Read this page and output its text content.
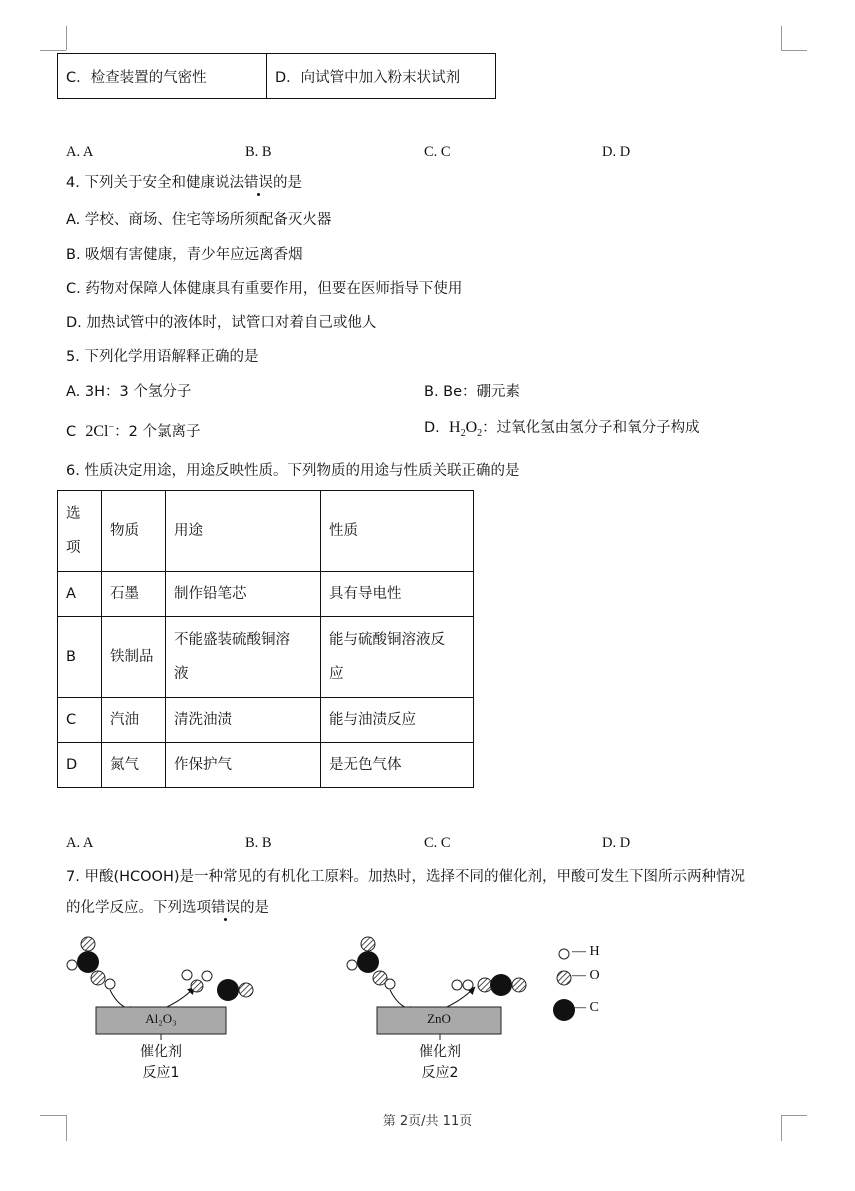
C．检查装置的气密性	D．向试管中加入粉末状试剂
A. A	B. B	C. C	D. D
4. 下列关于安全和健康说法错误的是
A. 学校、商场、住宅等场所须配备灭火器
B. 吸烟有害健康，青少年应远离香烟
C. 药物对保障人体健康具有重要作用，但要在医师指导下使用
D. 加热试管中的液体时，试管口对着自己或他人
5. 下列化学用语解释正确的是
A. 3H：3 个氢分子	B. Be：硼元素
C 2Cl−：2 个氯离子	D. $H_2O_2$：过氧化氢由氢分子和氧分子构成
6. 性质决定用途，用途反映性质。下列物质的用途与性质关联正确的是
选项	物质	用途	性质
A	石墨	制作铅笔芯	具有导电性
B	铁制品	不能盛装硫酸铜溶液	能与硫酸铜溶液反应

C	汽油	清洗油渍	能与油渍反应
D	氮气	作保护气	是无色气体
A. A	B. B	C. C	D. D
7. 甲酸(HCOOH)是一种常见的有机化工原料。加热时，选择不同的催化剂，甲酸可发生下图所示两种情况
的化学反应。下列选项错误的是
Al₂O₃	ZnO
催化剂
反应1
催化剂
反应2
— H
— O
— C
第 2页/共 11页
